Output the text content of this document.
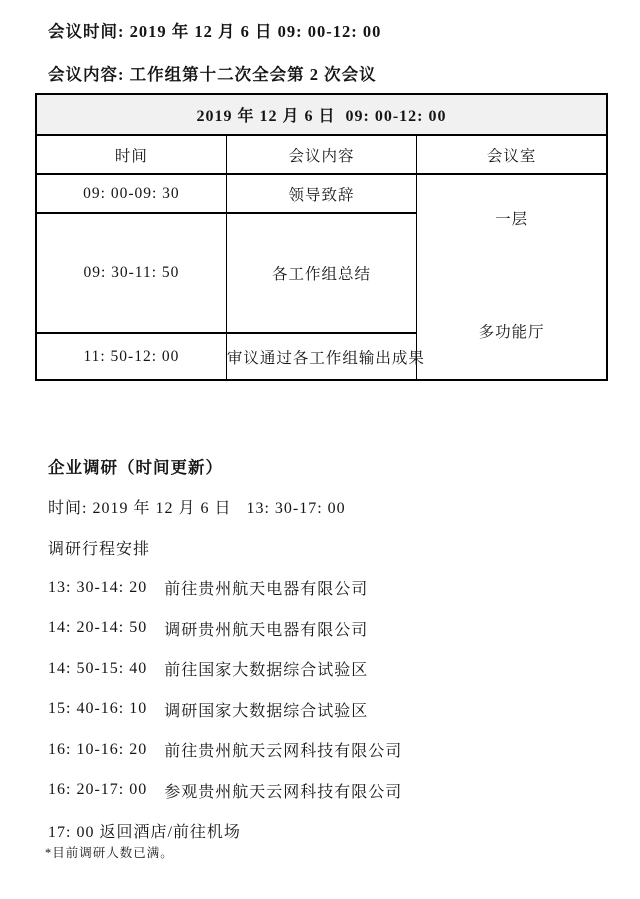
会议时间: 2019 年 12 月 6 日 09: 00-12: 00
会议内容: 工作组第十二次全会第 2 次会议
2019 年 12 月 6 日  09: 00-12: 00		
时间	会议内容	会议室
09: 00-09: 30	领导致辞	一层

多功能厅

09: 30-11: 50	各工作组总结	
11: 50-12: 00	审议通过各工作组输出成果	
企业调研（时间更新）
时间: 2019 年 12 月 6 日   13: 30-17: 00
调研行程安排
13: 30-14: 20 前往贵州航天电器有限公司
14: 20-14: 50 调研贵州航天电器有限公司
14: 50-15: 40 前往国家大数据综合试验区
15: 40-16: 10 调研国家大数据综合试验区
16: 10-16: 20 前往贵州航天云网科技有限公司
16: 20-17: 00 参观贵州航天云网科技有限公司
17: 00 返回酒店/前往机场
*目前调研人数已满。
